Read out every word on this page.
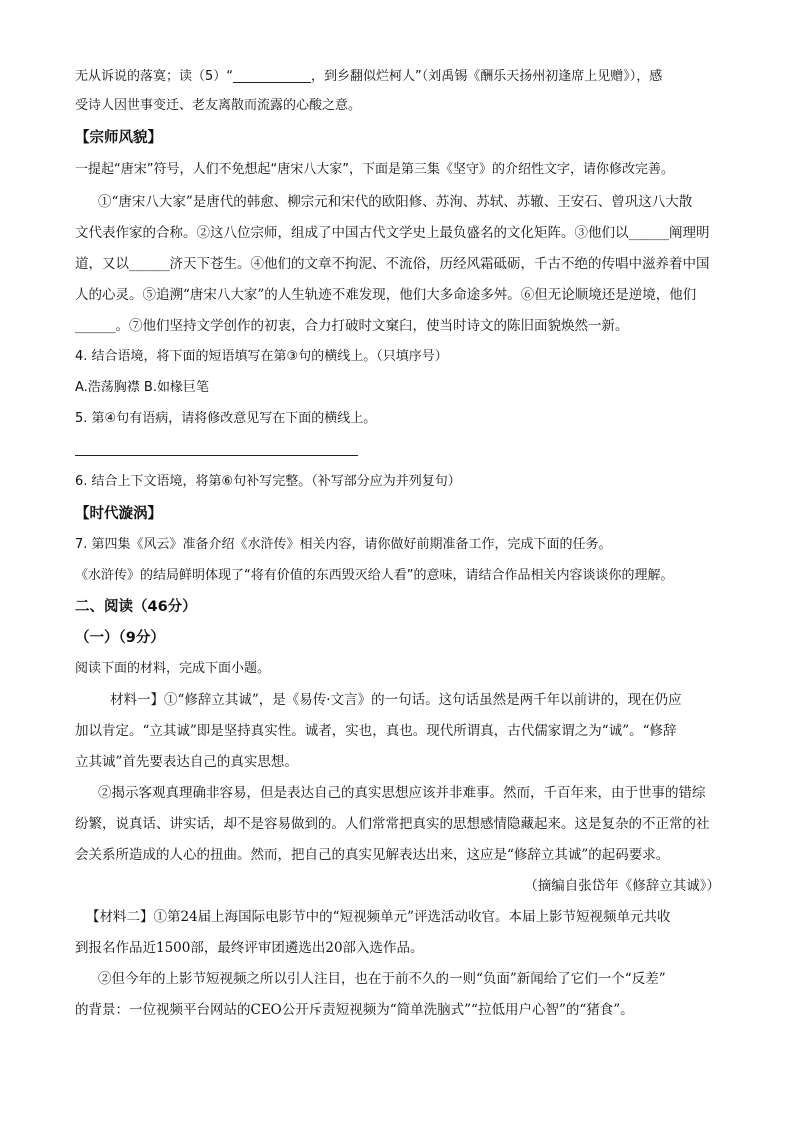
无从诉说的落寞；读（5）“____________，到乡翻似烂柯人”（刘禹锡《酬乐天扬州初逢席上见赠》），感
受诗人因世事变迁、老友离散而流露的心酸之意。
【宗师风貌】
一提起“唐宋”符号，人们不免想起“唐宋八大家”，下面是第三集《坚守》的介绍性文字，请你修改完善。
①“唐宋八大家”是唐代的韩愈、柳宗元和宋代的欧阳修、苏洵、苏轼、苏辙、王安石、曾巩这八大散
文代表作家的合称。②这八位宗师，组成了中国古代文学史上最负盛名的文化矩阵。③他们以______阐理明
道，又以______济天下苍生。④他们的文章不拘泥、不流俗，历经风霜砥砺，千古不绝的传唱中滋养着中国
人的心灵。⑤追溯“唐宋八大家”的人生轨迹不难发现，他们大多命途多舛。⑥但无论顺境还是逆境，他们
______。⑦他们坚持文学创作的初衷，合力打破时文窠臼，使当时诗文的陈旧面貌焕然一新。
4. 结合语境，将下面的短语填写在第③句的横线上。（只填序号）
A.浩荡胸襟 B.如椽巨笔
5. 第④句有语病，请将修改意见写在下面的横线上。
6. 结合上下文语境，将第⑥句补写完整。（补写部分应为并列复句）
【时代漩涡】
7. 第四集《风云》准备介绍《水浒传》相关内容，请你做好前期准备工作，完成下面的任务。
《水浒传》的结局鲜明体现了“将有价值的东西毁灭给人看”的意味，请结合作品相关内容谈谈你的理解。
二、阅读（46分）
（一）（9分）
阅读下面的材料，完成下面小题。
材料一】①“修辞立其诚”，是《易传·文言》的一句话。这句话虽然是两千年以前讲的，现在仍应
加以肯定。“立其诚”即是坚持真实性。诚者，实也，真也。现代所谓真，古代儒家谓之为“诚”。“修辞
立其诚”首先要表达自己的真实思想。
②揭示客观真理确非容易，但是表达自己的真实思想应该并非难事。然而，千百年来，由于世事的错综
纷繁，说真话、讲实话，却不是容易做到的。人们常常把真实的思想感情隐藏起来。这是复杂的不正常的社
会关系所造成的人心的扭曲。然而，把自己的真实见解表达出来，这应是“修辞立其诚”的起码要求。
（摘编自张岱年《修辞立其诚》）
【材料二】①第24届上海国际电影节中的“短视频单元”评选活动收官。本届上影节短视频单元共收
到报名作品近1500部，最终评审团遴选出20部入选作品。
②但今年的上影节短视频之所以引人注目，也在于前不久的一则“负面”新闻给了它们一个“反差”
的背景：一位视频平台网站的CEO公开斥责短视频为“简单洗脑式”“拉低用户心智”的“猪食”。
